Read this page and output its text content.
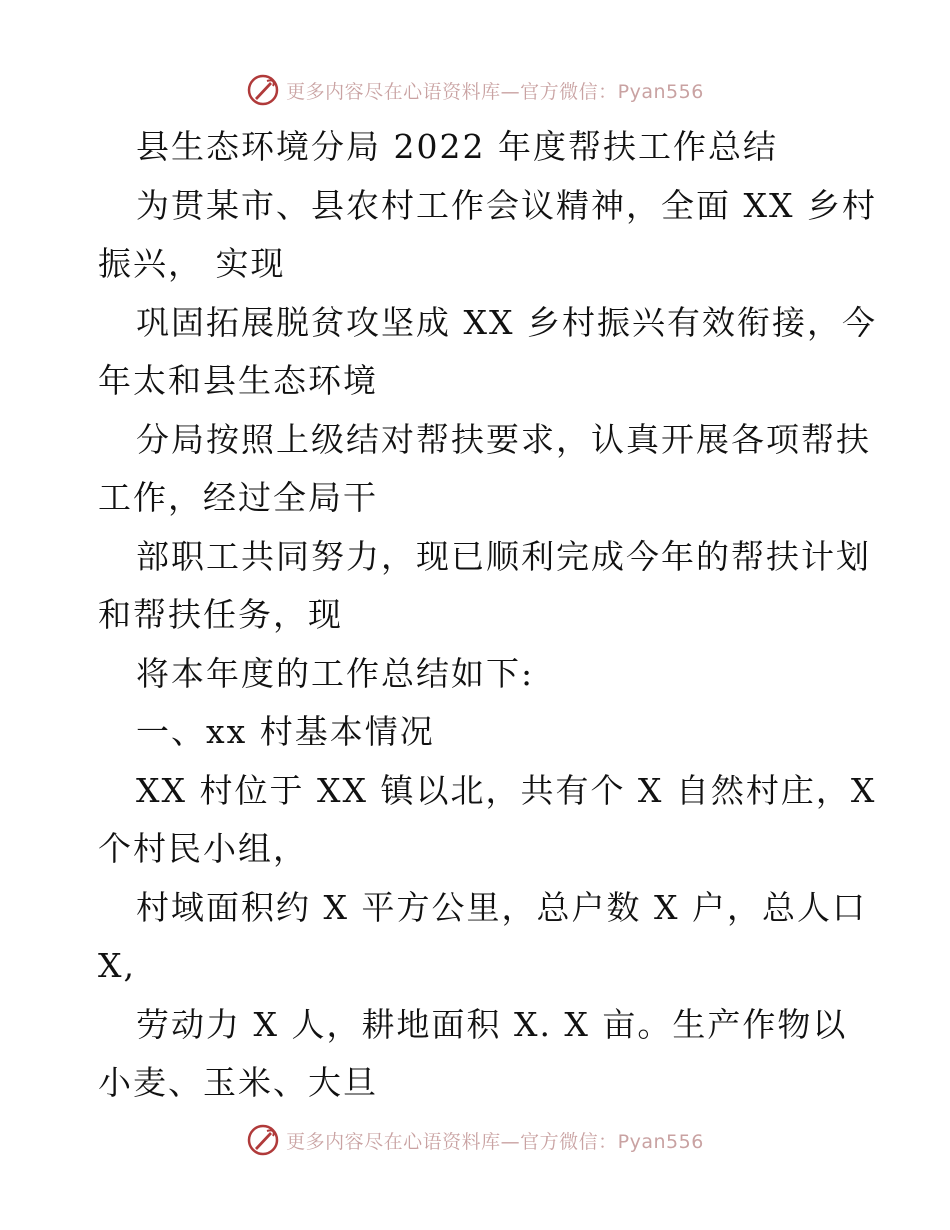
更多内容尽在心语资料库—官方微信：Pyan556
县生态环境分局 2022 年度帮扶工作总结
为贯某市、县农村工作会议精神，全面 XX 乡村
振兴， 实现
巩固拓展脱贫攻坚成 XX 乡村振兴有效衔接，今
年太和县生态环境
分局按照上级结对帮扶要求，认真开展各项帮扶
工作，经过全局干
部职工共同努力，现已顺利完成今年的帮扶计划
和帮扶任务，现
将本年度的工作总结如下:
一、xx 村基本情况
XX 村位于 XX 镇以北，共有个 X 自然村庄，X
个村民小组，
村域面积约 X 平方公里，总户数 X 户，总人口
X,
劳动力 X 人，耕地面积 X. X 亩。生产作物以
小麦、玉米、大旦
更多内容尽在心语资料库—官方微信：Pyan556
